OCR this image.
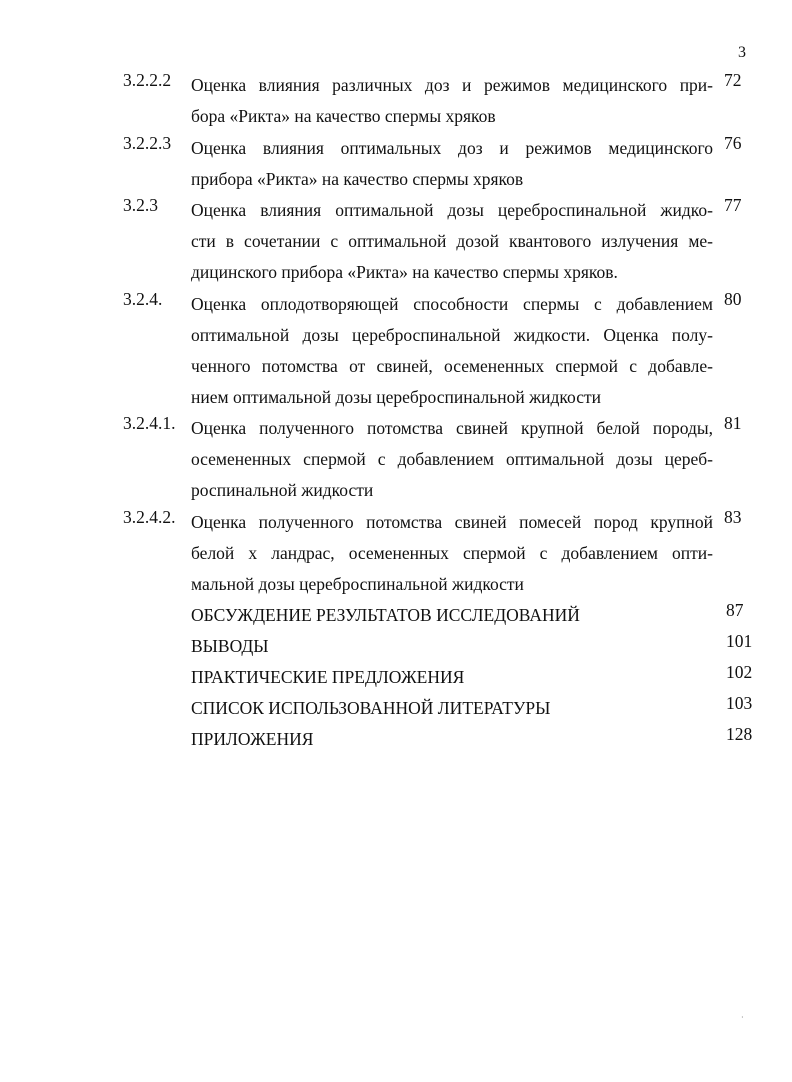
3
3.2.2.2 Оценка влияния различных доз и режимов медицинского при-
бора «Рикта» на качество спермы хряков
72
3.2.2.3 Оценка влияния оптимальных доз и режимов медицинского
прибора «Рикта» на качество спермы хряков
76
3.2.3 Оценка влияния оптимальной дозы цереброспинальной жидко-
сти в сочетании с оптимальной дозой квантового излучения ме-
дицинского прибора «Рикта» на качество спермы хряков.
77
3.2.4. Оценка оплодотворяющей способности спермы с добавлением
оптимальной дозы цереброспинальной жидкости. Оценка полу-
ченного потомства от свиней, осемененных спермой с добавле-
нием оптимальной дозы цереброспинальной жидкости
80
3.2.4.1. Оценка полученного потомства свиней крупной белой породы,
осемененных спермой с добавлением оптимальной дозы цереб-
роспинальной жидкости
81
3.2.4.2. Оценка полученного потомства свиней помесей пород крупной
белой х ландрас, осемененных спермой с добавлением опти-
мальной дозы цереброспинальной жидкости
83
ОБСУЖДЕНИЕ РЕЗУЛЬТАТОВ ИССЛЕДОВАНИЙ	87
ВЫВОДЫ	101
ПРАКТИЧЕСКИЕ ПРЕДЛОЖЕНИЯ	102
СПИСОК ИСПОЛЬЗОВАННОЙ ЛИТЕРАТУРЫ	103
ПРИЛОЖЕНИЯ	128
·
